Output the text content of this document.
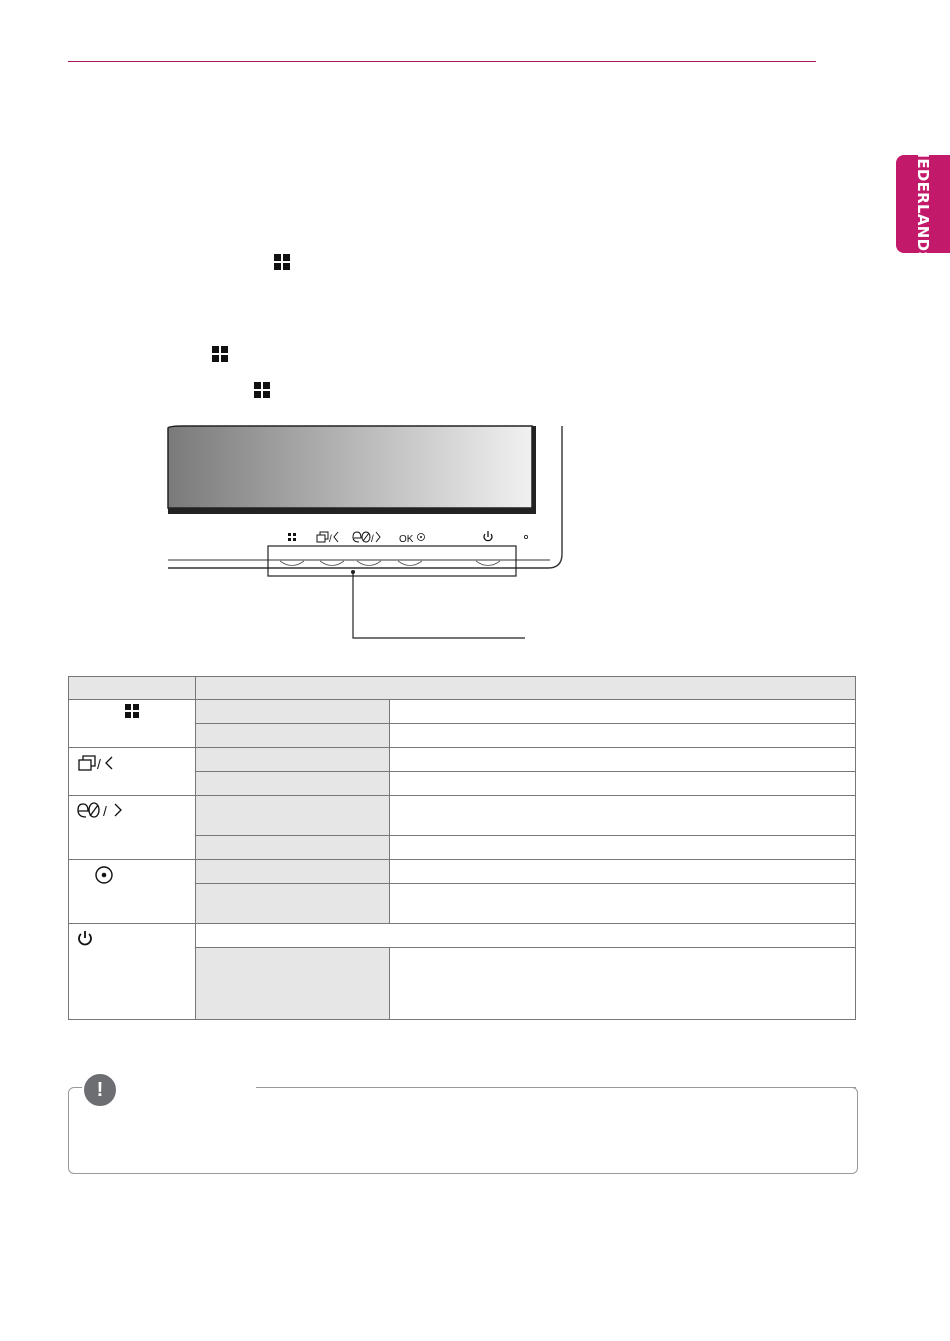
NEDERLANDS
/	/	OK

/		

/		

!
